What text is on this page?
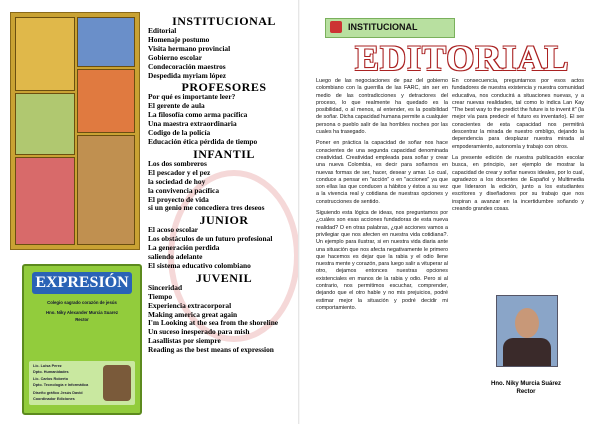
INSTITUCIONAL
Editorial
Homenaje postumo
Visita hermano provincial
Gobierno escolar
Condecoración maestros
Despedida myriam lópez
PROFESORES
Por qué es importante leer?
El gerente de aula
La filosofía como arma pacífica
Una maestra extraordinaria
Codigo de la policía
Educación ética pérdida de tiempo
INFANTIL
Los dos sombreros
El pescador y el pez
la sociedad de hoy
la convivencia pacífica
El proyecto de vida
si un genio me concediera tres deseos
JUNIOR
El acoso escolar
Los obstáculos de un futuro profesional
La generación perdida
saliendo adelante
El sistema educativo colombiano
JUVENIL
Sinceridad
Tiempo
Experiencia extracorporal
Making america great again
I'm Looking at the sea from the shoreline
Un suceso inesperado para mish
Lasallistas por siempre
Reading as the best means of expression
EXPRESIÓN
Colegio sagrado corazón de jesús
Hno. Niky Alexander Murcia Suarez
Rector
Lic. Luisa Perez
Dpto. Humanidades
Lic. Carlos Roberto
Dpto. Tecnología e Informática
Diseño gráfico Jesús David
Coordinador Ediciones
INSTITUCIONAL
EDITORIAL

Luego de las negociaciones de paz del gobierno colombiano con la guerrilla de las FARC, sin ser en medio de las contradicciones y detractores del proceso, lo que realmente ha quedado es la posibilidad, o al menos, al entender, es la posibilidad de soñar. Dicha capacidad humana permite a cualquier persona o pueblo salir de las horribles noches por las cuales ha trasegado.

Poner en práctica la capacidad de soñar nos hace conscientes de una segunda capacidad denominada creatividad. Creatividad empleada para soñar y crear una nueva Colombia, es decir para soñarnos en nuevas formas de ser, hacer, desear y amar. Lo cual, conduce a pensar en "acción" o en "acciones" ya que son ellas las que conducen a hábitos y éstos a su vez a la vivencia real y cotidiana de nuestras opciones y construcciones de sentido.

Siguiendo esta lógica de ideas, nos preguntamos por ¿cuáles son esas acciones fundadoras de esta nueva realidad? O en otras palabras, ¿qué acciones vamos a privilegiar que nos afecten en nuestra vida cotidiana?. Un ejemplo para ilustrar, si en nuestra vida diaria ante una situación que nos afecta negativamente le primero que hacemos es dejar que la rabia y el odio llene nuestra mente y corazón, para luego salir a vituperar al otro, dejamos entonces nuestras opciones existenciales en manos de la rabia y odio. Pero si al contrario, nos permitimos escuchar, comprender, dejando que el otro hable y no mis prejuicios, podré estimar mejor la situación y podré decidir mi comportamiento.

En consecuencia, preguntarnos por esos actos fundadores de nuestra existencia y nuestra comunidad educativa, nos conducirá a situaciones nuevas, y a crear nuevas realidades, tal como lo indica Lan Kay "The best way to the predict the future is to invent it" (la mejor vía para predecir el futuro es inventarlo). El ser conscientes de esta capacidad nos permitirá descentrar la mirada de nuestro ombligo, dejando la dependencia para desplazar nuestra mirada al empoderamiento, autonomía y trabajo con otros.

La presente edición de nuestra publicación escolar busca, en principio, ser ejemplo de mostrar la capacidad de crear y soñar nuevos ideales, por lo cual, agradezco a los docentes de Español y Multimedia que lideraron la edición, junto a los estudiantes escritores y diseñadores por su trabajo que nos inspiran a avanzar en la incertidumbre soñando y creando grandes cosas.

Hno. Niky Murcia Suárez
Rector
